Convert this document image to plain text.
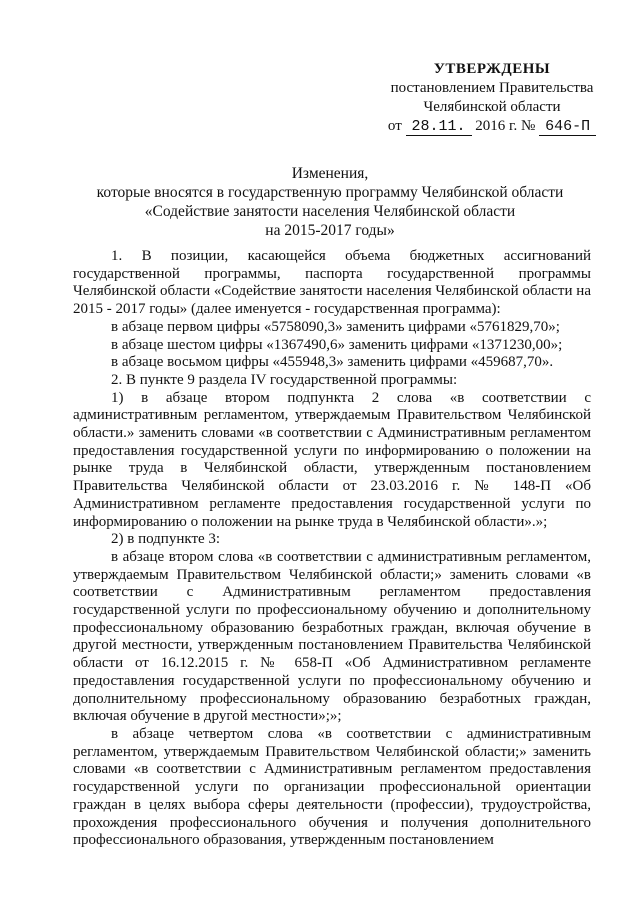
УТВЕРЖДЕНЫ
постановлением Правительства
Челябинской области
от 28.11. 2016 г. № 646-П
Изменения,
которые вносятся в государственную программу Челябинской области
«Содействие занятости населения Челябинской области
на 2015-2017 годы»

1. В позиции, касающейся объема бюджетных ассигнований государственной программы, паспорта государственной программы Челябинской области «Содействие занятости населения Челябинской области на 2015 - 2017 годы» (далее именуется - государственная программа):

в абзаце первом цифры «5758090,3» заменить цифрами «5761829,70»;

в абзаце шестом цифры «1367490,6» заменить цифрами «1371230,00»;

в абзаце восьмом цифры «455948,3» заменить цифрами «459687,70».

2. В пункте 9 раздела IV государственной программы:

1) в абзаце втором подпункта 2 слова «в соответствии с административным регламентом, утверждаемым Правительством Челябинской области.» заменить словами «в соответствии с Административным регламентом предоставления государственной услуги по информированию о положении на рынке труда в Челябинской области, утвержденным постановлением Правительства Челябинской области от 23.03.2016 г. № 148-П «Об Административном регламенте предоставления государственной услуги по информированию о положении на рынке труда в Челябинской области».»;

2) в подпункте 3:

в абзаце втором слова «в соответствии с административным регламентом, утверждаемым Правительством Челябинской области;» заменить словами «в соответствии с Административным регламентом предоставления государственной услуги по профессиональному обучению и дополнительному профессиональному образованию безработных граждан, включая обучение в другой местности, утвержденным постановлением Правительства Челябинской области от 16.12.2015 г. № 658-П «Об Административном регламенте предоставления государственной услуги по профессиональному обучению и дополнительному профессиональному образованию безработных граждан, включая обучение в другой местности»;»;

в абзаце четвертом слова «в соответствии с административным регламентом, утверждаемым Правительством Челябинской области;» заменить словами «в соответствии с Административным регламентом предоставления государственной услуги по организации профессиональной ориентации граждан в целях выбора сферы деятельности (профессии), трудоустройства, прохождения профессионального обучения и получения дополнительного профессионального образования, утвержденным постановлением
